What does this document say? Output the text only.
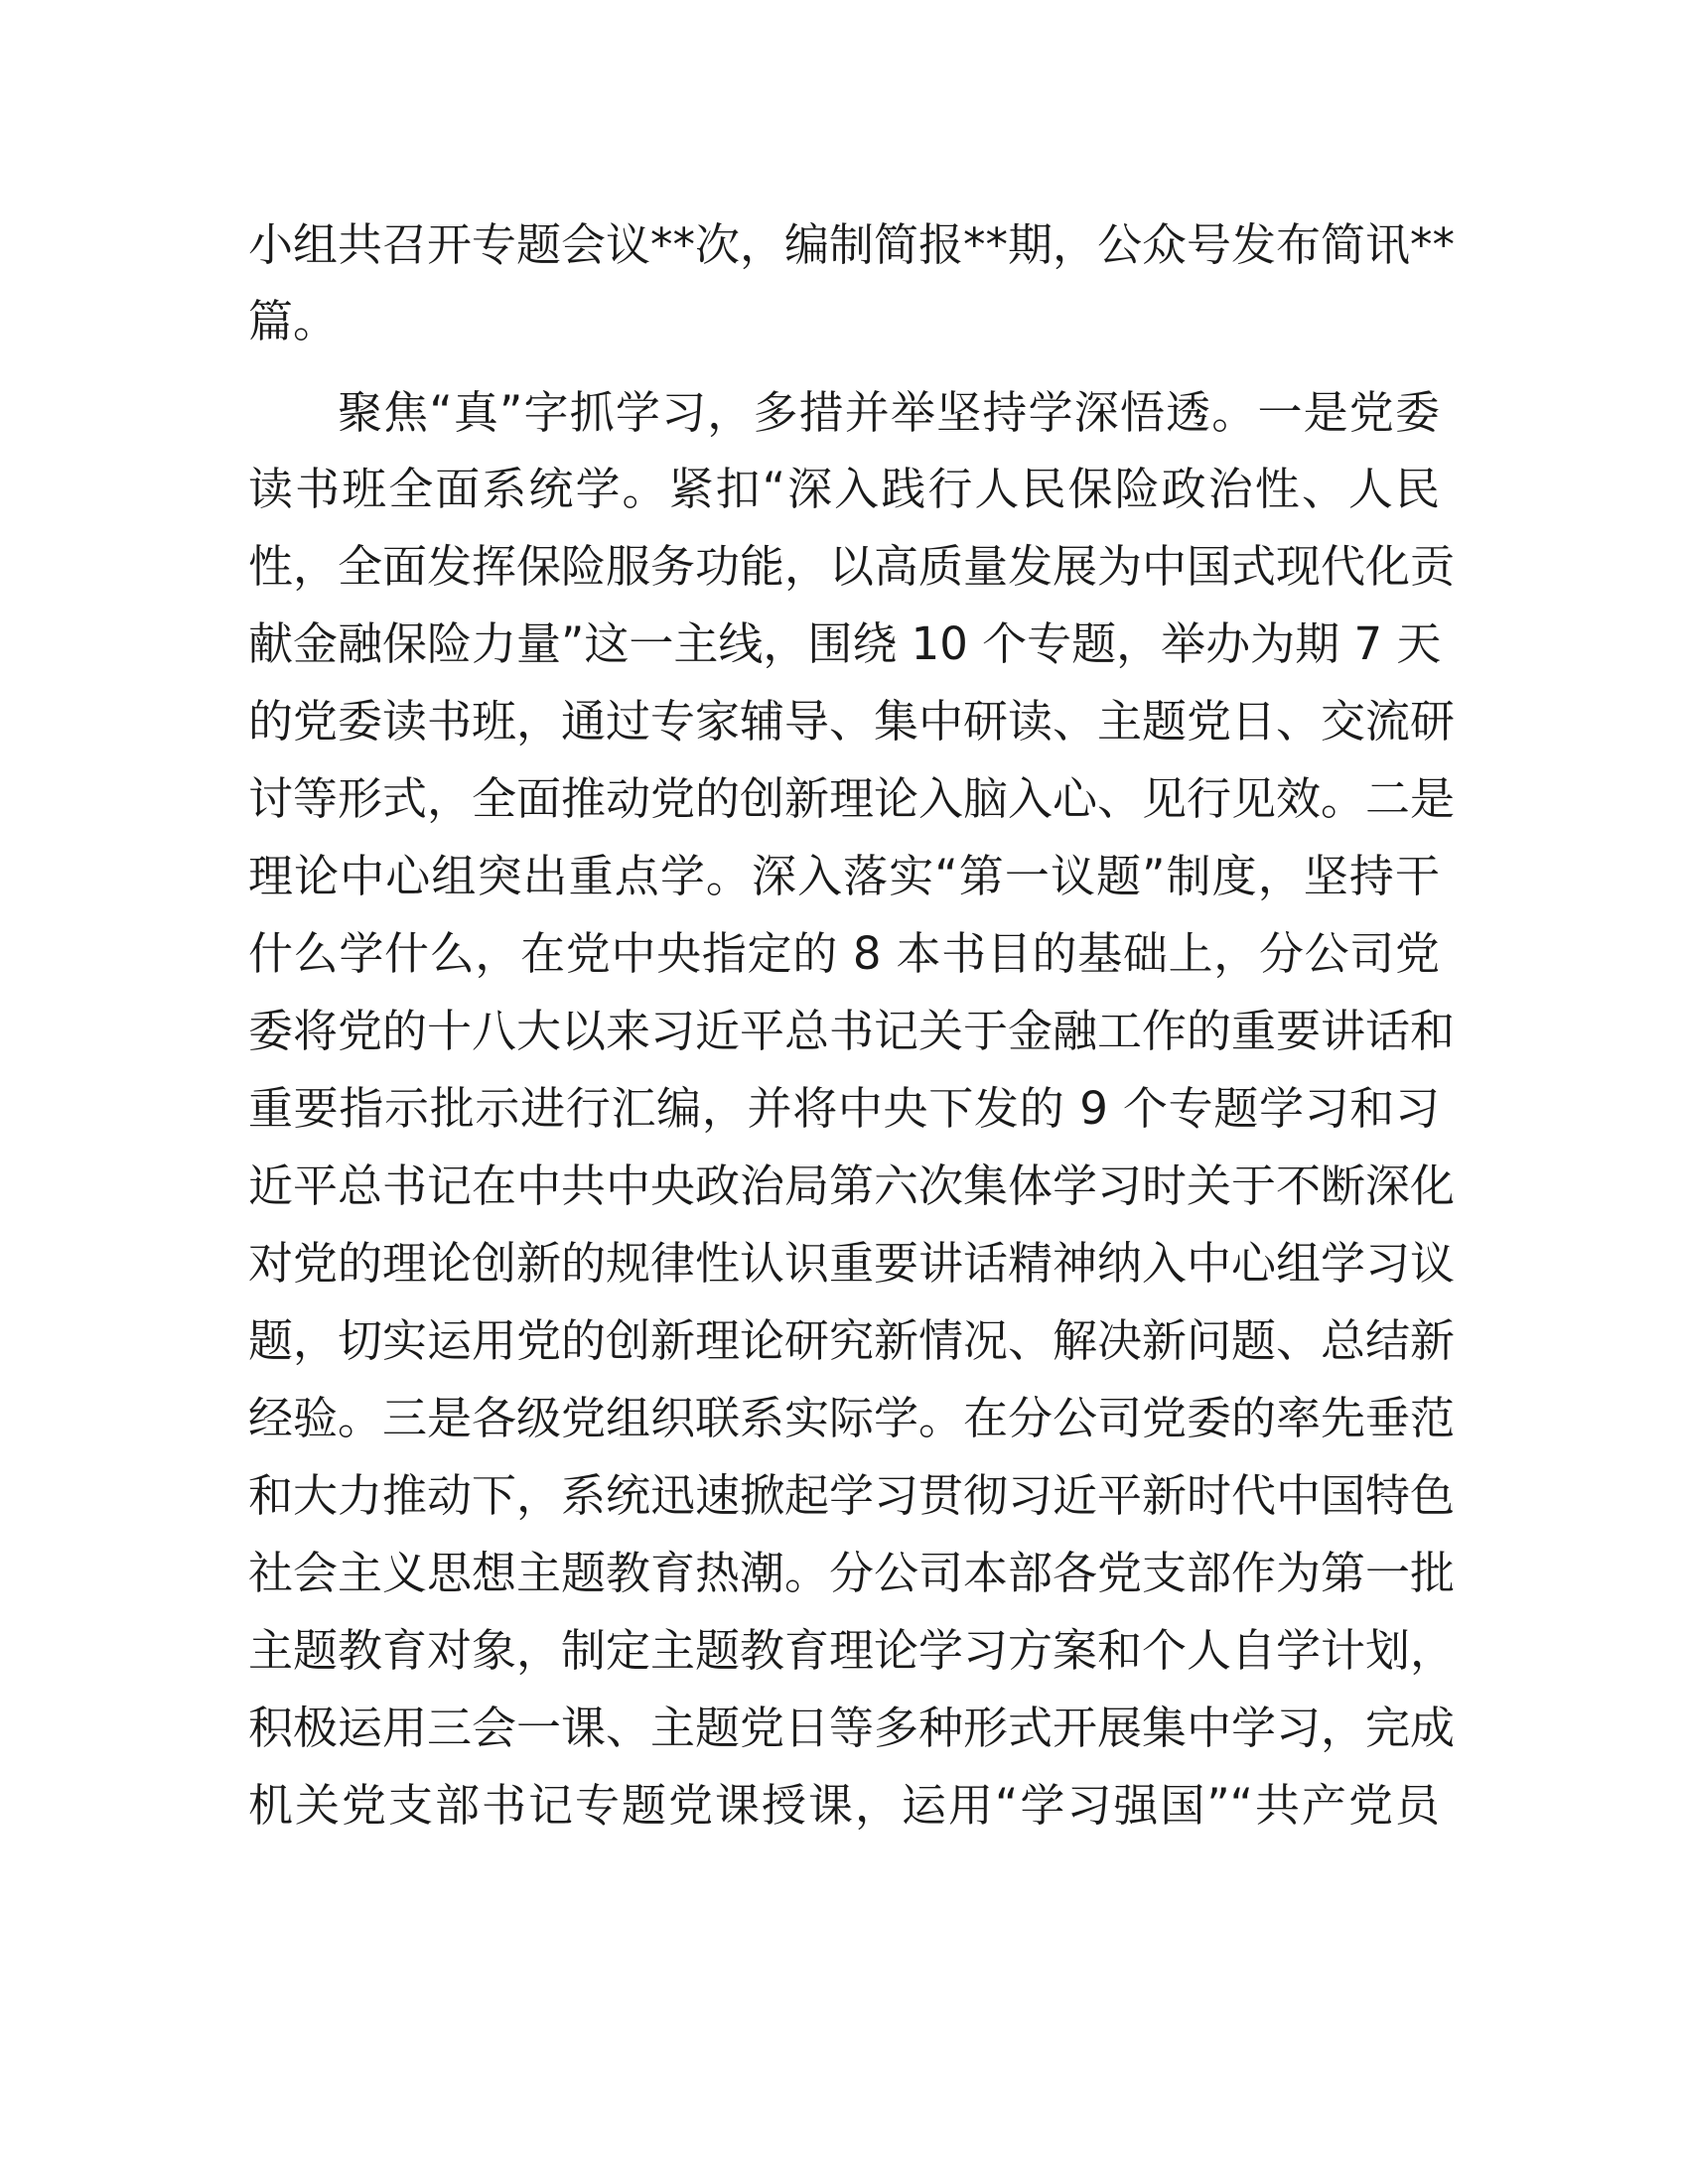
小组共召开专题会议**次，编制简报**期，公众号发布简讯**
篇。
聚焦“真”字抓学习，多措并举坚持学深悟透。一是党委
读书班全面系统学。紧扣“深入践行人民保险政治性、人民
性，全面发挥保险服务功能，以高质量发展为中国式现代化贡
献金融保险力量”这一主线，围绕 10 个专题，举办为期 7 天
的党委读书班，通过专家辅导、集中研读、主题党日、交流研
讨等形式，全面推动党的创新理论入脑入心、见行见效。二是
理论中心组突出重点学。深入落实“第一议题”制度，坚持干
什么学什么，在党中央指定的 8 本书目的基础上，分公司党
委将党的十八大以来习近平总书记关于金融工作的重要讲话和
重要指示批示进行汇编，并将中央下发的 9 个专题学习和习
近平总书记在中共中央政治局第六次集体学习时关于不断深化
对党的理论创新的规律性认识重要讲话精神纳入中心组学习议
题，切实运用党的创新理论研究新情况、解决新问题、总结新
经验。三是各级党组织联系实际学。在分公司党委的率先垂范
和大力推动下，系统迅速掀起学习贯彻习近平新时代中国特色
社会主义思想主题教育热潮。分公司本部各党支部作为第一批
主题教育对象，制定主题教育理论学习方案和个人自学计划，
积极运用三会一课、主题党日等多种形式开展集中学习，完成
机关党支部书记专题党课授课，运用“学习强国”“共产党员
